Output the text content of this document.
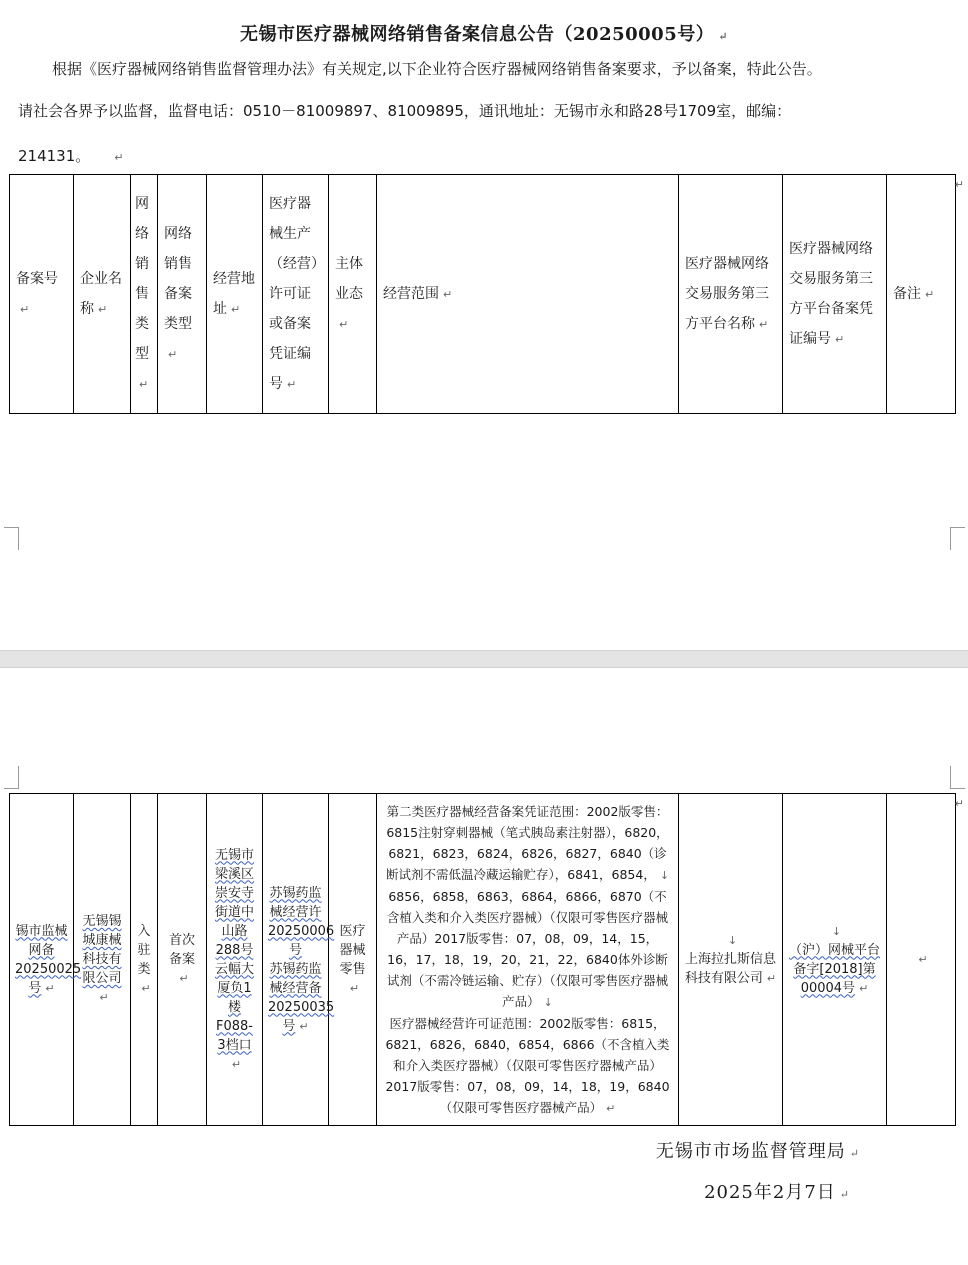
无锡市医疗器械网络销售备案信息公告（20250005号） ↵
根据《医疗器械网络销售监督管理办法》有关规定,以下企业符合医疗器械网络销售备案要求，予以备案，特此公告。
请社会各界予以监督，监督电话：0510－81009897、81009895，通讯地址：无锡市永和路28号1709室，邮编：
214131。 ↵
备案号↵	企业名称 ↵	网络销售类型↵	网络销售 备案类型↵	经营地址 ↵	医疗器械生产（经营）许可证或备案凭证编号 ↵	主体业态↵	经营范围 ↵	医疗器械网络交易服务第三方平台名称 ↵	医疗器械网络交易服务第三方平台备案凭证编号 ↵	备注 ↵
↵
锡市监械网备20250025号 ↵	无锡锡城康械科技有限公司↵	入驻类↵	首次备案↵	无锡市梁溪区崇安寺街道中山路288号云幅大厦负1楼F088-3档口↵	苏锡药监械经营许20250006号
苏锡药监械经营备20250035号 ↵	医疗器械零售↵	第二类医疗器械经营备案凭证范围：2002版零售：6815注射穿刺器械（笔式胰岛素注射器），6820，6821，6823，6824，6826，6827，6840（诊断试剂不需低温冷藏运输贮存），6841，6854， ↓
6856，6858，6863，6864，6866，6870（不含植入类和介入类医疗器械）（仅限可零售医疗器械产品）2017版零售：07，08，09，14，15，16，17，18，19，20，21，22，6840体外诊断试剂（不需冷链运输、贮存）（仅限可零售医疗器械产品） ↓
医疗器械经营许可证范围：2002版零售：6815，6821，6826，6840，6854，6866（不含植入类和介入类医疗器械）（仅限可零售医疗器械产品）2017版零售：07，08，09，14，18，19，6840（仅限可零售医疗器械产品） ↵	↓
上海拉扎斯信息科技有限公司 ↵	↓
（沪）网械平台备字[2018]第00004号 ↵	↵
↵
无锡市市场监督管理局 ↵
2025年2月7日 ↵
